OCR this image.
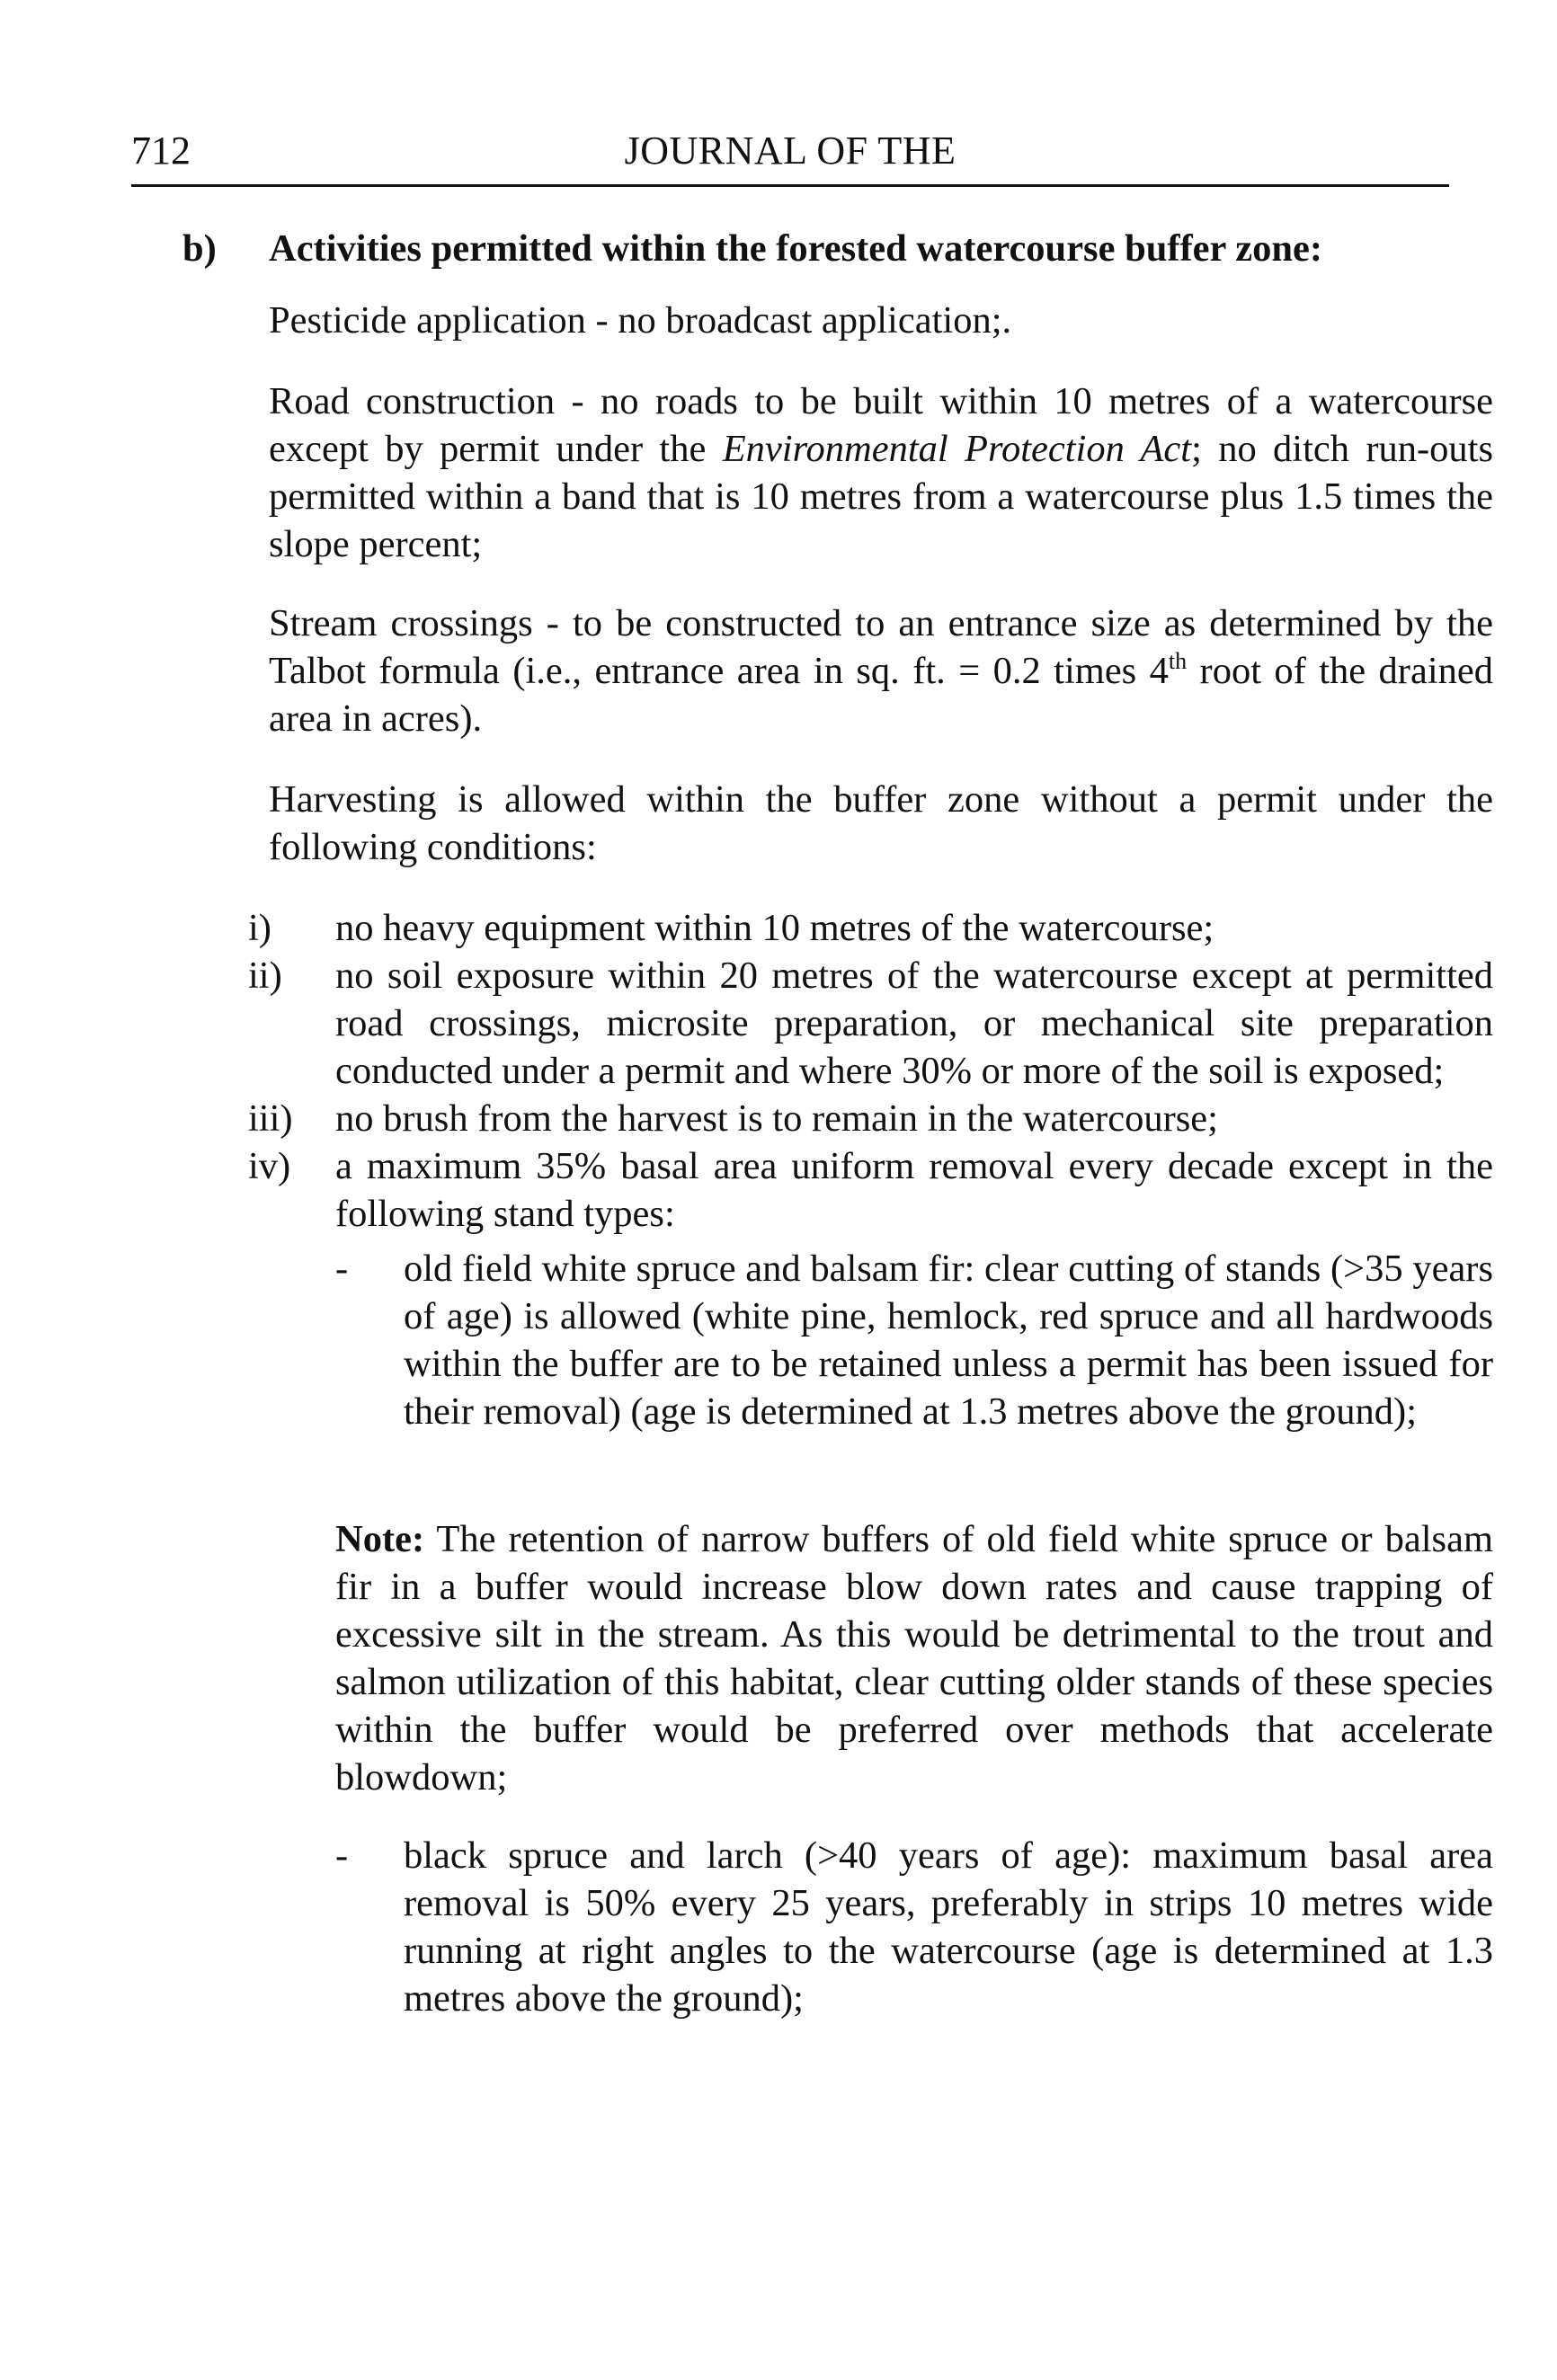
712	JOURNAL OF THE
b) Activities permitted within the forested watercourse buffer zone:
Pesticide application - no broadcast application;.
Road construction - no roads to be built within 10 metres of a watercourse except by permit under the Environmental Protection Act; no ditch run-outs permitted within a band that is 10 metres from a watercourse plus 1.5 times the slope percent;
Stream crossings - to be constructed to an entrance size as determined by the Talbot formula (i.e., entrance area in sq. ft. = 0.2 times 4th root of the drained area in acres).
Harvesting is allowed within the buffer zone without a permit under the following conditions:
i) no heavy equipment within 10 metres of the watercourse;
ii) no soil exposure within 20 metres of the watercourse except at permitted road crossings, microsite preparation, or mechanical site preparation conducted under a permit and where 30% or more of the soil is exposed;
iii) no brush from the harvest is to remain in the watercourse;
iv) a maximum 35% basal area uniform removal every decade except in the following stand types:
- old field white spruce and balsam fir: clear cutting of stands (>35 years of age) is allowed (white pine, hemlock, red spruce and all hardwoods within the buffer are to be retained unless a permit has been issued for their removal) (age is determined at 1.3 metres above the ground);
Note: The retention of narrow buffers of old field white spruce or balsam fir in a buffer would increase blow down rates and cause trapping of excessive silt in the stream. As this would be detrimental to the trout and salmon utilization of this habitat, clear cutting older stands of these species within the buffer would be preferred over methods that accelerate blowdown;
- black spruce and larch (>40 years of age): maximum basal area removal is 50% every 25 years, preferably in strips 10 metres wide running at right angles to the watercourse (age is determined at 1.3 metres above the ground);
